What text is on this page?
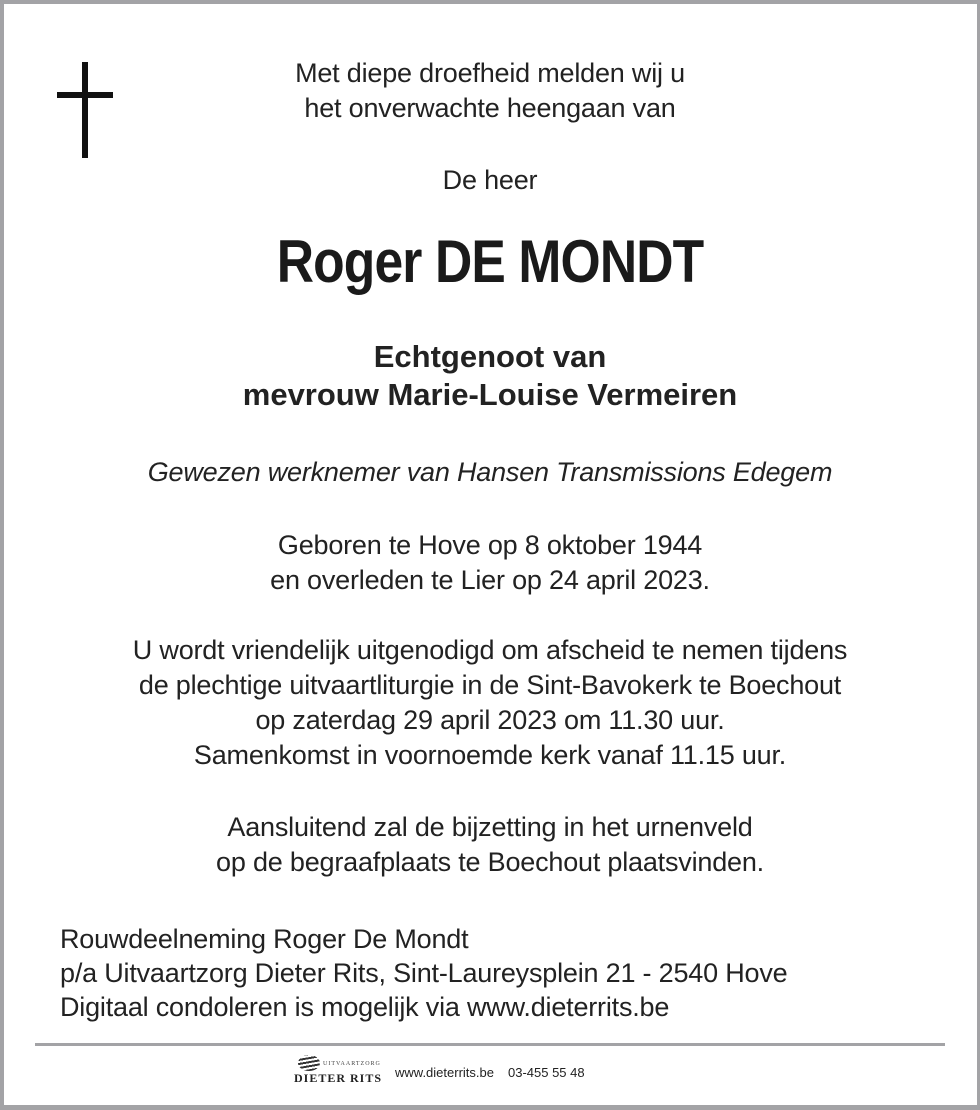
Met diepe droefheid melden wij u
het onverwachte heengaan van
De heer
Roger DE MONDT
Echtgenoot van
mevrouw Marie-Louise Vermeiren
Gewezen werknemer van Hansen Transmissions Edegem
Geboren te Hove op 8 oktober 1944
en overleden te Lier op 24 april 2023.
U wordt vriendelijk uitgenodigd om afscheid te nemen tijdens
de plechtige uitvaartliturgie in de Sint-Bavokerk te Boechout
op zaterdag 29 april 2023 om 11.30 uur.
Samenkomst in voornoemde kerk vanaf 11.15 uur.
Aansluitend zal de bijzetting in het urnenveld
op de begraafplaats te Boechout plaatsvinden.
Rouwdeelneming Roger De Mondt
p/a Uitvaartzorg Dieter Rits, Sint-Laureysplein 21 - 2540 Hove
Digitaal condoleren is mogelijk via www.dieterrits.be
UITVAARTZORG
DIETER RITS www.dieterrits.be 03-455 55 48
